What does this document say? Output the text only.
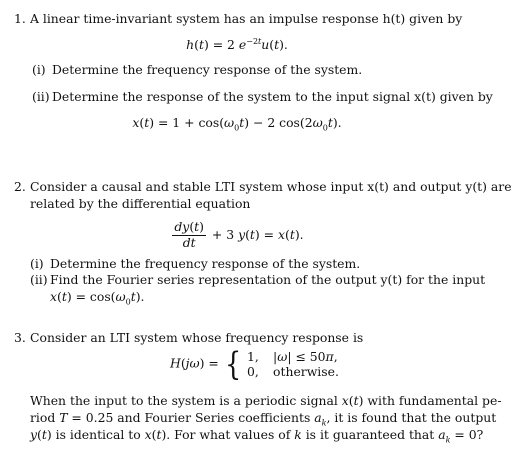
1. A linear time-invariant system has an impulse response h(t) given by
h(t) = 2 $e^{-2t}u(t)$.
(i) Determine the frequency response of the system.
(ii) Determine the response of the system to the input signal x(t) given by
$x(t) = 1 + \cos(\omega_0t) - 2$ $\cos(2\omega_0t)$.
2. Consider a causal and stable LTI system whose input x(t) and output y(t) are
related by the differential equation
$\frac{dy(t)}{dt} + 3$ y(t) = x(t).
(i) Determine the frequency response of the system.
(ii) Find the Fourier series representation of the output y(t) for the input
$x(t) = \cos(\omega_0t)$.
3. Consider an LTI system whose frequency response is
H(jω) = { 1, |ω| ≤ 50π,
0, otherwise.
When the input to the system is a periodic signal x(t) with fundamental pe-
riod T = 0.25 and Fourier Series coefficients $a_k$, it is found that the output
y(t) is identical to x(t). For what values of k is it guaranteed that $a_k = 0$?
